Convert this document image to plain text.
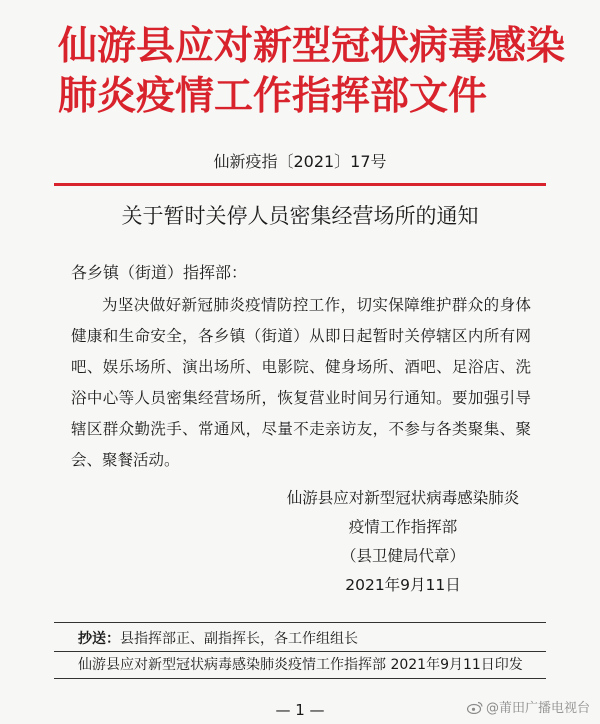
仙游县应对新型冠状病毒感染
肺炎疫情工作指挥部文件
仙新疫指〔2021〕17号
关于暂时关停人员密集经营场所的通知
各乡镇（街道）指挥部：
为坚决做好新冠肺炎疫情防控工作，切实保障维护群众的身体健康和生命安全，各乡镇（街道）从即日起暂时关停辖区内所有网吧、娱乐场所、演出场所、电影院、健身场所、酒吧、足浴店、洗浴中心等人员密集经营场所，恢复营业时间另行通知。要加强引导辖区群众勤洗手、常通风，尽量不走亲访友，不参与各类聚集、聚会、聚餐活动。
仙游县应对新型冠状病毒感染肺炎
疫情工作指挥部
（县卫健局代章）
2021年9月11日
抄送：县指挥部正、副指挥长，各工作组组长
仙游县应对新型冠状病毒感染肺炎疫情工作指挥部 2021年9月11日印发
— 1 —	@莆田广播电视台
